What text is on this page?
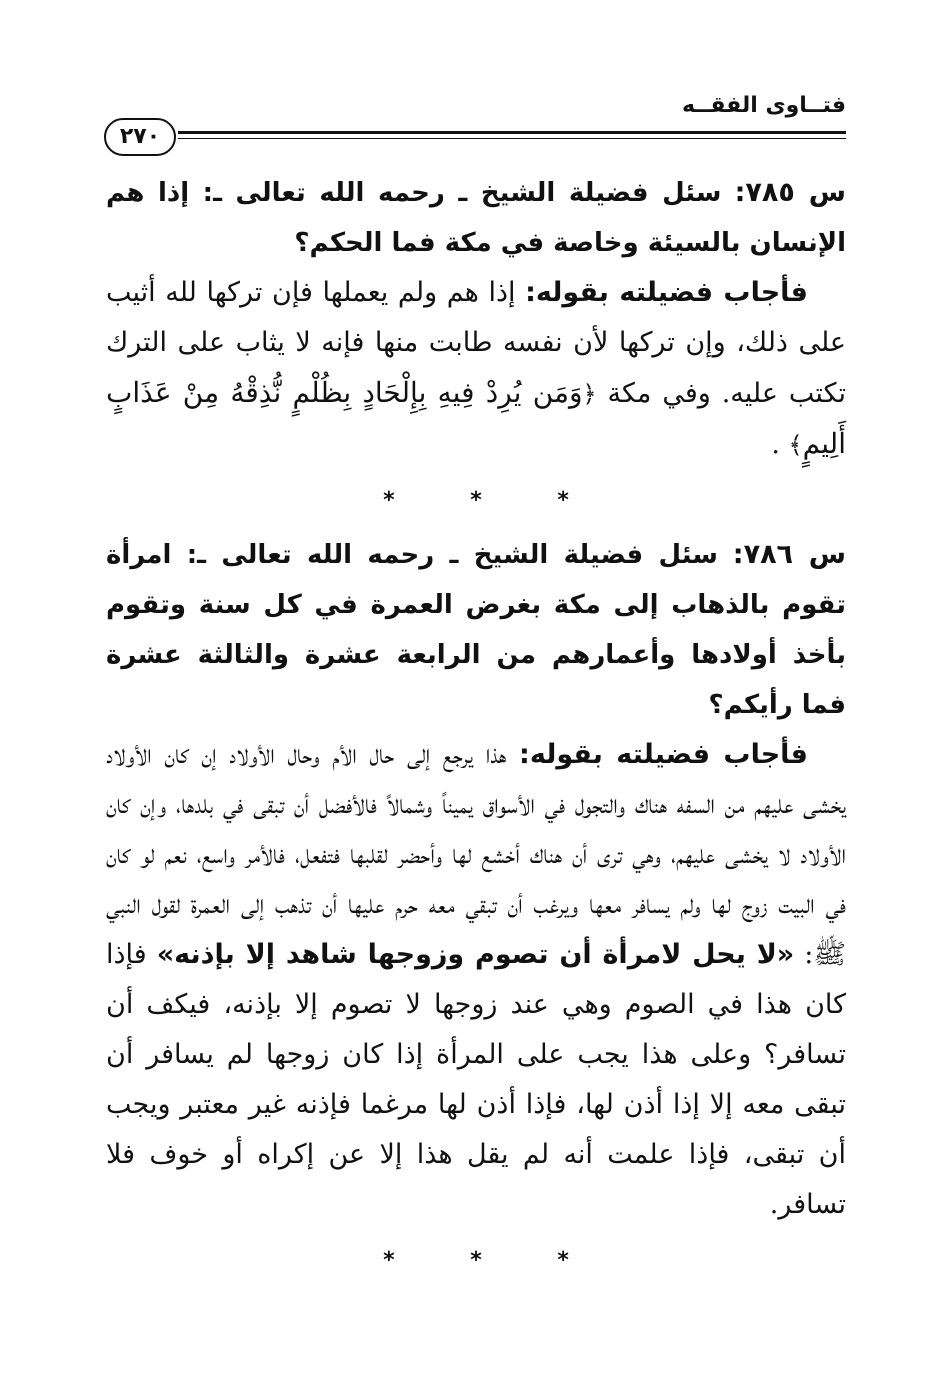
فتــاوى الفقــه
٢٧٠

س ٧٨٥: سئل فضيلة الشيخ ـ رحمه الله تعالى ـ: إذا هم الإنسان بالسيئة وخاصة في مكة فما الحكم؟

فأجاب فضيلته بقوله: إذا هم ولم يعملها فإن تركها لله أثيب على ذلك، وإن تركها لأن نفسه طابت منها فإنه لا يثاب على الترك تكتب عليه. وفي مكة ﴿وَمَن يُرِدْ فِيهِ بِإِلْحَادٍ بِظُلْمٍ نُّذِقْهُ مِنْ عَذَابٍ أَلِيمٍ﴾ .

* * *

س ٧٨٦: سئل فضيلة الشيخ ـ رحمه الله تعالى ـ: امرأة تقوم بالذهاب إلى مكة بغرض العمرة في كل سنة وتقوم بأخذ أولادها وأعمارهم من الرابعة عشرة والثالثة عشرة فما رأيكم؟

فأجاب فضيلته بقوله: هذا يرجع إلى حال الأم وحال الأولاد إن كان الأولاد يخشى عليهم من السفه هناك والتجول في الأسواق يميناً وشمالاً فالأفضل أن تبقى في بلدها، وإن كان الأولاد لا يخشى عليهم، وهي ترى أن هناك أخشع لها وأحضر لقلبها فتفعل، فالأمر واسع، نعم لو كان في البيت زوج لها ولم يسافر معها ويرغب أن تبقي معه حرم عليها أن تذهب إلى العمرة لقول النبي ﷺ: «لا يحل لامرأة أن تصوم وزوجها شاهد إلا بإذنه» فإذا كان هذا في الصوم وهي عند زوجها لا تصوم إلا بإذنه، فيكف أن تسافر؟ وعلى هذا يجب على المرأة إذا كان زوجها لم يسافر أن تبقى معه إلا إذا أذن لها، فإذا أذن لها مرغما فإذنه غير معتبر ويجب أن تبقى، فإذا علمت أنه لم يقل هذا إلا عن إكراه أو خوف فلا تسافر.

* * *
